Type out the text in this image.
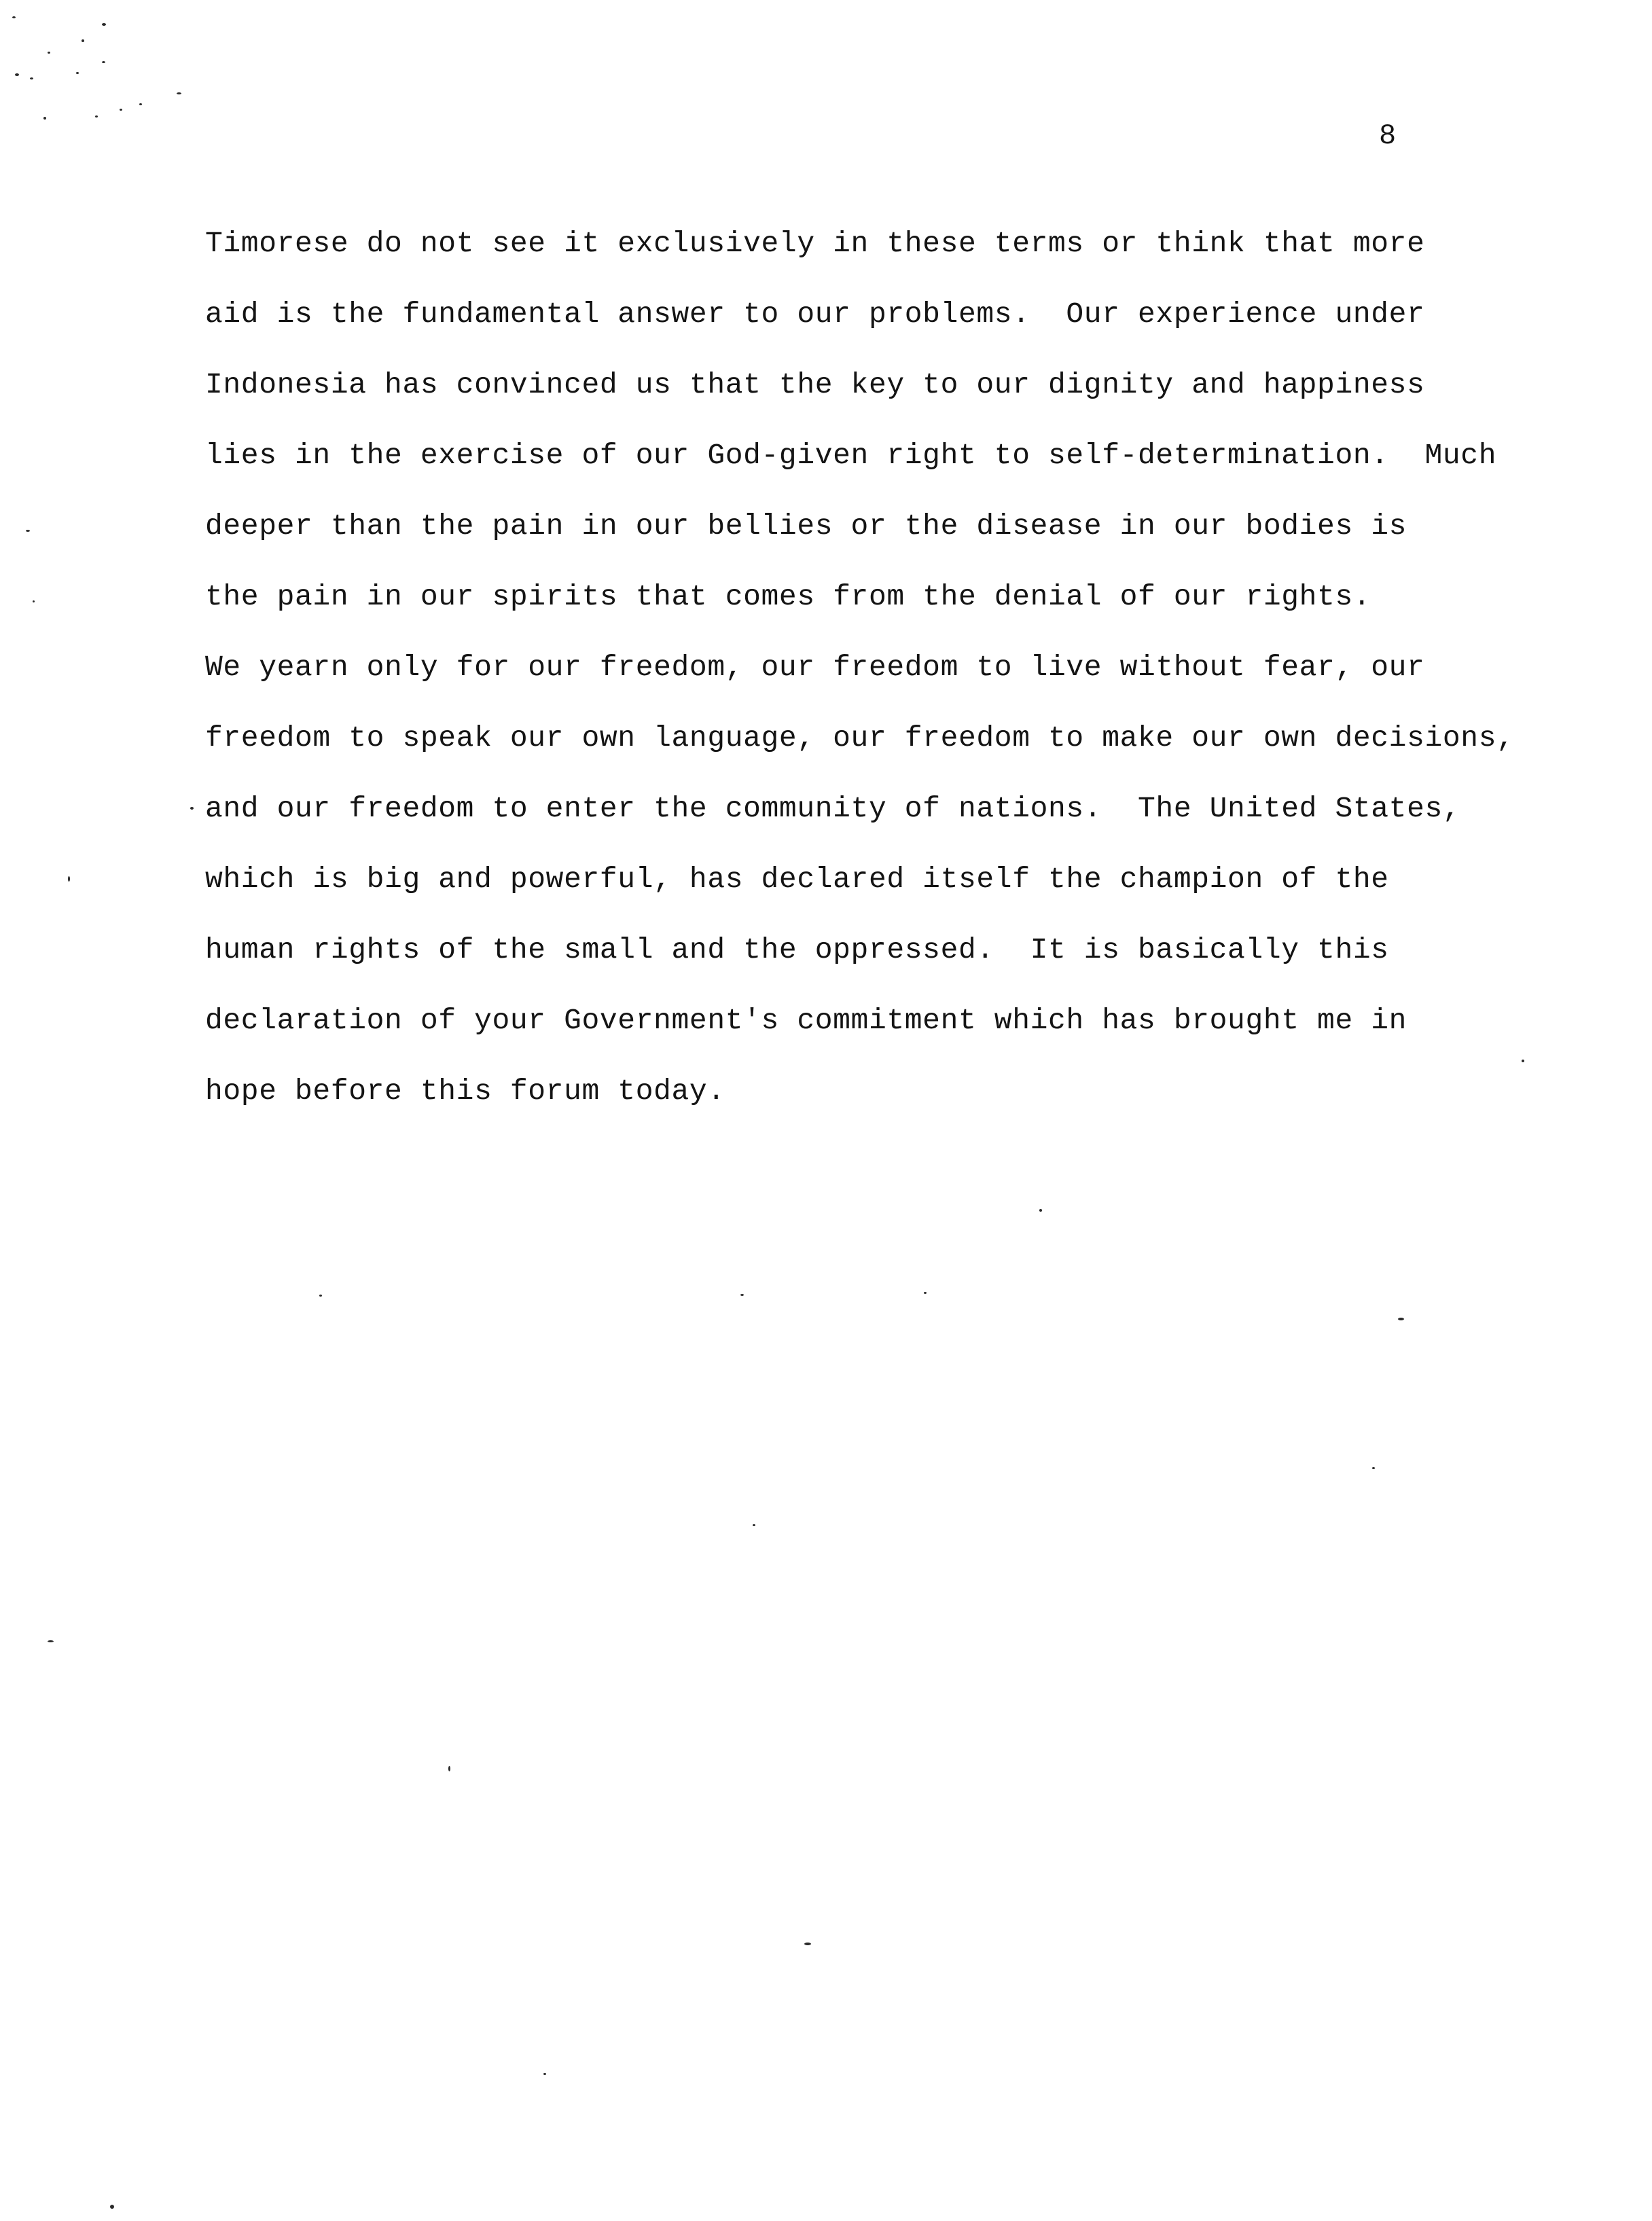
8
Timorese do not see it exclusively in these terms or think that more
aid is the fundamental answer to our problems.  Our experience under
Indonesia has convinced us that the key to our dignity and happiness
lies in the exercise of our God-given right to self-determination.  Much
deeper than the pain in our bellies or the disease in our bodies is
the pain in our spirits that comes from the denial of our rights.
We yearn only for our freedom, our freedom to live without fear, our
freedom to speak our own language, our freedom to make our own decisions,
and our freedom to enter the community of nations.  The United States,
which is big and powerful, has declared itself the champion of the
human rights of the small and the oppressed.  It is basically this
declaration of your Government's commitment which has brought me in
hope before this forum today.
